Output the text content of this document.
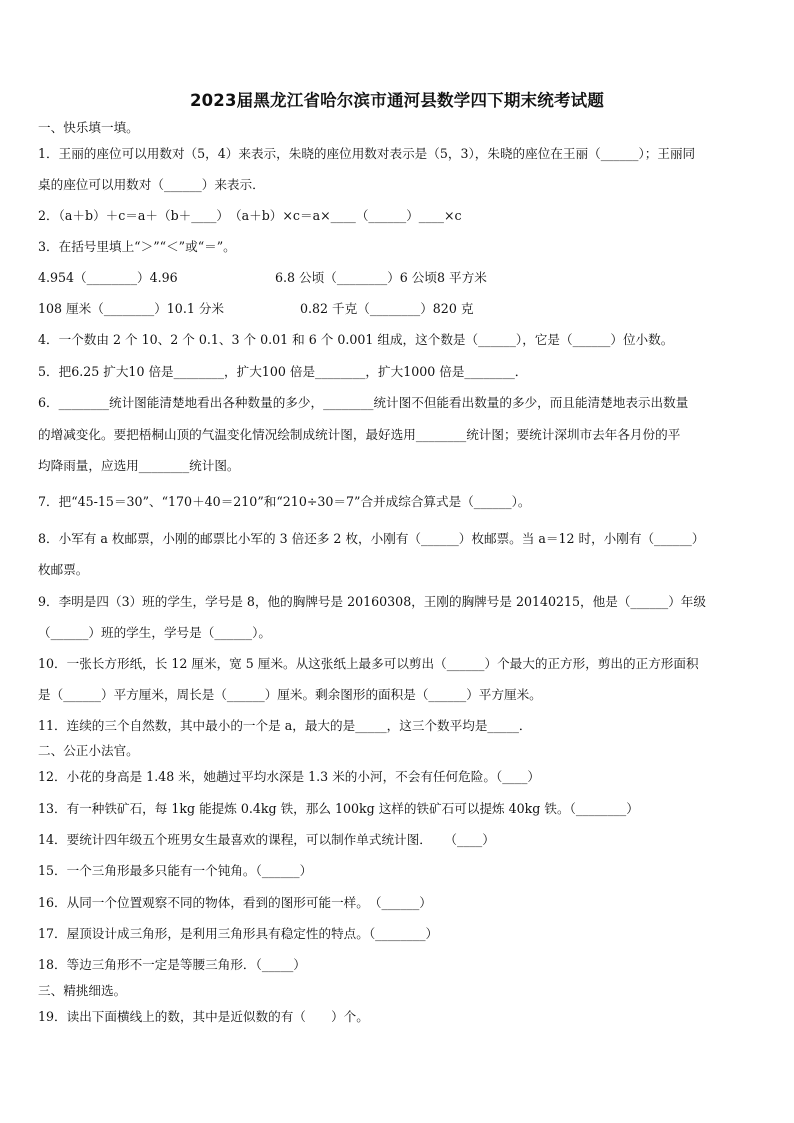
2023届黑龙江省哈尔滨市通河县数学四下期末统考试题
一、快乐填一填。
1．王丽的座位可以用数对（5，4）来表示，朱晓的座位用数对表示是（5，3），朱晓的座位在王丽（______）；王丽同
桌的座位可以用数对（______）来表示．
2．（a＋b）＋c＝a＋（b＋____）　（a＋b）×c＝a×____（______）____×c
3．在括号里填上“＞”“＜”或“＝”。
4.954（________）4.96	6.8 公顷（________）6 公顷8 平方米
108 厘米（________）10.1 分米	0.82 千克（________）820 克
4．一个数由 2 个 10、2 个 0.1、3 个 0.01 和 6 个 0.001 组成，这个数是（______），它是（______）位小数。
5．把6.25 扩大10 倍是________，扩大100 倍是________，扩大1000 倍是________．
6．________统计图能清楚地看出各种数量的多少，________统计图不但能看出数量的多少，而且能清楚地表示出数量
的增减变化。要把梧桐山顶的气温变化情况绘制成统计图，最好选用________统计图；要统计深圳市去年各月份的平
均降雨量，应选用________统计图。
7．把“45-15＝30”、“170＋40＝210”和“210÷30＝7”合并成综合算式是（______）。
8．小军有 a 枚邮票，小刚的邮票比小军的 3 倍还多 2 枚，小刚有（______）枚邮票。当 a＝12 时，小刚有（______）
枚邮票。
9．李明是四（3）班的学生，学号是 8，他的胸牌号是 20160308，王刚的胸牌号是 20140215，他是（______）年级
（______）班的学生，学号是（______）。
10．一张长方形纸，长 12 厘米，宽 5 厘米。从这张纸上最多可以剪出（______）个最大的正方形，剪出的正方形面积
是（______）平方厘米，周长是（______）厘米。剩余图形的面积是（______）平方厘米。
11．连续的三个自然数，其中最小的一个是 a，最大的是_____，这三个数平均是_____．
二、公正小法官。
12．小花的身高是 1.48 米，她趟过平均水深是 1.3 米的小河，不会有任何危险。（____）
13．有一种铁矿石，每 1kg 能提炼 0.4kg 铁，那么 100kg 这样的铁矿石可以提炼 40kg 铁。（________）
14．要统计四年级五个班男女生最喜欢的课程，可以制作单式统计图．　　（____）
15．一个三角形最多只能有一个钝角。（______）
16．从同一个位置观察不同的物体，看到的图形可能一样。　（______）
17．屋顶设计成三角形，是利用三角形具有稳定性的特点。（________）
18．等边三角形不一定是等腰三角形．（_____）
三、精挑细选。
19．读出下面横线上的数，其中是近似数的有（　　）个。
